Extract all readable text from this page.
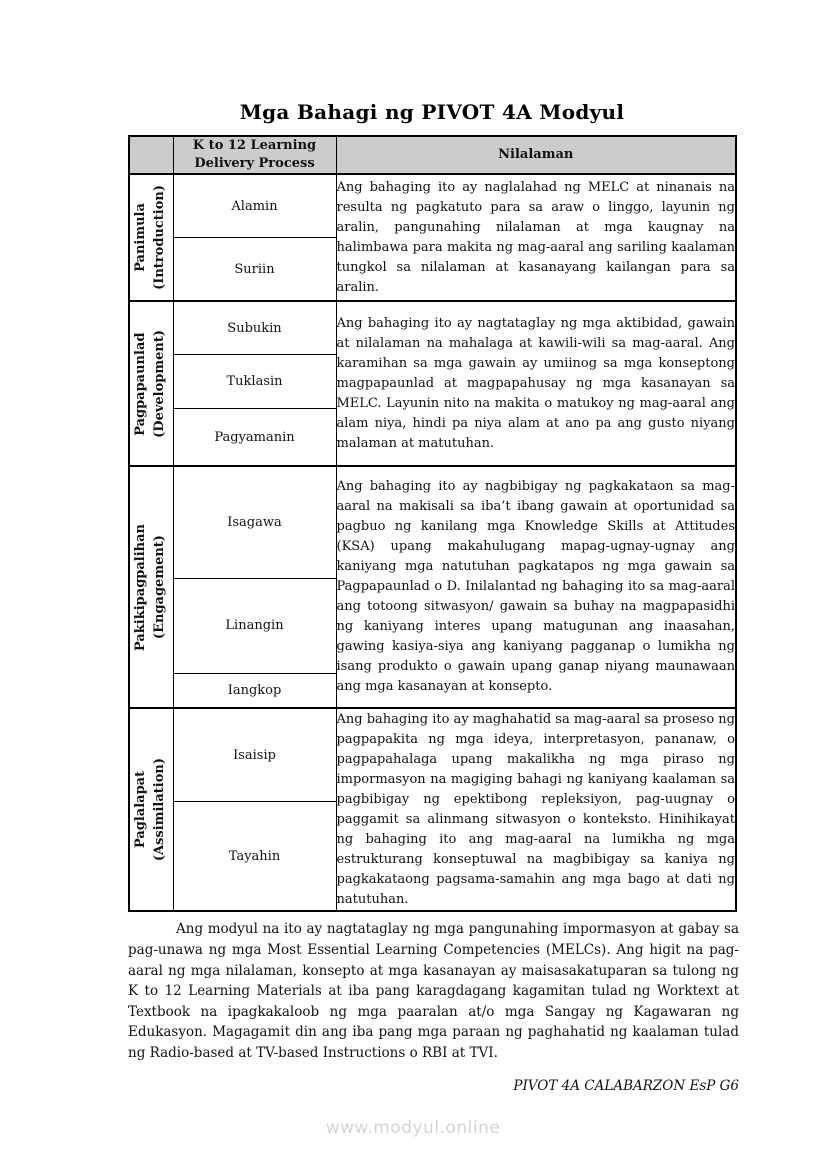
Mga Bahagi ng PIVOT 4A Modyul
	K to 12 Learning Delivery Process	Nilalaman

Panimula (Introduction)	Alamin	Ang bahaging ito ay naglalahad ng MELC at ninanais na resulta ng pagkatuto para sa araw o linggo, layunin ng aralin, pangunahing nilalaman at mga kaugnay na halimbawa para makita ng mag-aaral ang sariling kaalaman tungkol sa nilalaman at kasanayang kailangan para sa aralin.
	Suriin	

Pagpapaunlad (Development)	Subukin	Ang bahaging ito ay nagtataglay ng mga aktibidad, gawain at nilalaman na mahalaga at kawili-wili sa mag-aaral. Ang karamihan sa mga gawain ay umiinog sa mga konseptong magpapaunlad at magpapahusay ng mga kasanayan sa MELC. Layunin nito na makita o matukoy ng mag-aaral ang alam niya, hindi pa niya alam at ano pa ang gusto niyang malaman at matutuhan.
	Tuklasin	
	Pagyamanin	

Pakikipagpalihan (Engagement)	Isagawa	Ang bahaging ito ay nagbibigay ng pagkakataon sa mag-aaral na makisali sa iba’t ibang gawain at oportunidad sa pagbuo ng kanilang mga Knowledge Skills at Attitudes (KSA) upang makahulugang mapag-ugnay-ugnay ang kaniyang mga natutuhan pagkatapos ng mga gawain sa Pagpapaunlad o D. Inilalantad ng bahaging ito sa mag-aaral ang totoong sitwasyon/ gawain sa buhay na magpapasidhi ng kaniyang interes upang matugunan ang inaasahan, gawing kasiya-siya ang kaniyang pagganap o lumikha ng isang produkto o gawain upang ganap niyang maunawaan ang mga kasanayan at konsepto.
	Linangin	
	Iangkop	

Paglalapat (Assimilation)	Isaisip	Ang bahaging ito ay maghahatid sa mag-aaral sa proseso ng pagpapakita ng mga ideya, interpretasyon, pananaw, o pagpapahalaga upang makalikha ng mga piraso ng impormasyon na magiging bahagi ng kaniyang kaalaman sa pagbibigay ng epektibong repleksiyon, pag-uugnay o paggamit sa alinmang sitwasyon o konteksto. Hinihikayat ng bahaging ito ang mag-aaral na lumikha ng mga estrukturang konseptuwal na magbibigay sa kaniya ng pagkakataong pagsama-samahin ang mga bago at dati ng natutuhan.
	Tayahin	

Ang modyul na ito ay nagtataglay ng mga pangunahing impormasyon at gabay sa pag-unawa ng mga Most Essential Learning Competencies (MELCs). Ang higit na pag-aaral ng mga nilalaman, konsepto at mga kasanayan ay maisasakatuparan sa tulong ng K to 12 Learning Materials at iba pang karagdagang kagamitan tulad ng Worktext at Textbook na ipagkakaloob ng mga paaralan at/o mga Sangay ng Kagawaran ng Edukasyon. Magagamit din ang iba pang mga paraan ng paghahatid ng kaalaman tulad ng Radio-based at TV-based Instructions o RBI at TVI.

PIVOT 4A CALABARZON EsP G6
www.modyul.online
